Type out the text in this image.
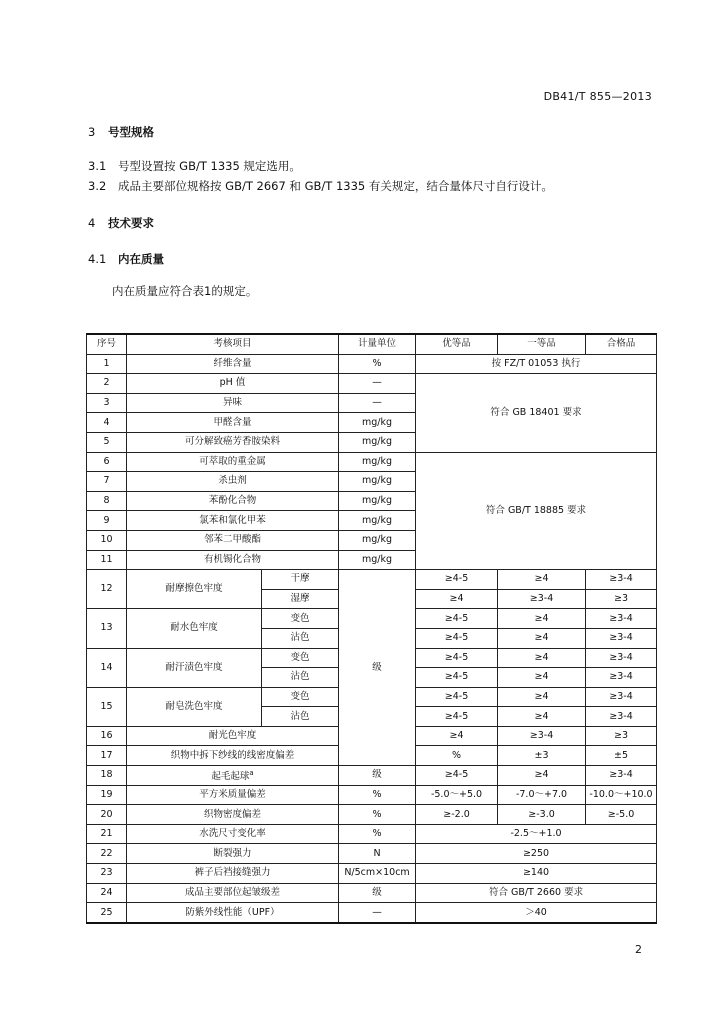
DB41/T 855—2013
3 号型规格
3.1 号型设置按 GB/T 1335 规定选用。
3.2 成品主要部位规格按 GB/T 2667 和 GB/T 1335 有关规定，结合量体尺寸自行设计。
4 技术要求
4.1 内在质量
内在质量应符合表1的规定。
序号	考核项目		计量单位	优等品	一等品	合格品	
1	纤维含量		%	按 FZ/T 01053 执行			
2	pH 值		—	符合 GB 18401 要求			
3	异味		—				
4	甲醛含量		mg/kg				
5	可分解致癌芳香胺染料		mg/kg				
6	可萃取的重金属		mg/kg	符合 GB/T 18885 要求			
7	杀虫剂		mg/kg				
8	苯酚化合物		mg/kg				
9	氯苯和氯化甲苯		mg/kg				
10	邻苯二甲酸酯		mg/kg				
11	有机锡化合物		mg/kg				
12	耐摩擦色牢度	干摩	级	≥4-5	≥4	≥3-4	
		湿摩		≥4	≥3-4	≥3	
13	耐水色牢度	变色		≥4-5	≥4	≥3-4	
		沾色		≥4-5	≥4	≥3-4	
14	耐汗渍色牢度	变色		≥4-5	≥4	≥3-4	
		沾色		≥4-5	≥4	≥3-4	
15	耐皂洗色牢度	变色		≥4-5	≥4	≥3-4	
		沾色		≥4-5	≥4	≥3-4	
16	耐光色牢度			≥4	≥3-4	≥3	
17	织物中拆下纱线的线密度偏差			%	±3	±5	
18	起毛起球$^a$		级	≥4-5	≥4	≥3-4	
19	平方米质量偏差		%	-5.0～+5.0	-7.0～+7.0	-10.0～+10.0	
20	织物密度偏差		%	≥-2.0	≥-3.0	≥-5.0	
21	水洗尺寸变化率		%	-2.5～+1.0			
22	断裂强力		N	≥250			
23	裤子后裆接缝强力		N/5cm×10cm	≥140			
24	成品主要部位起皱级差		级	符合 GB/T 2660 要求			
25	防紫外线性能（UPF）		—	＞40			
2
